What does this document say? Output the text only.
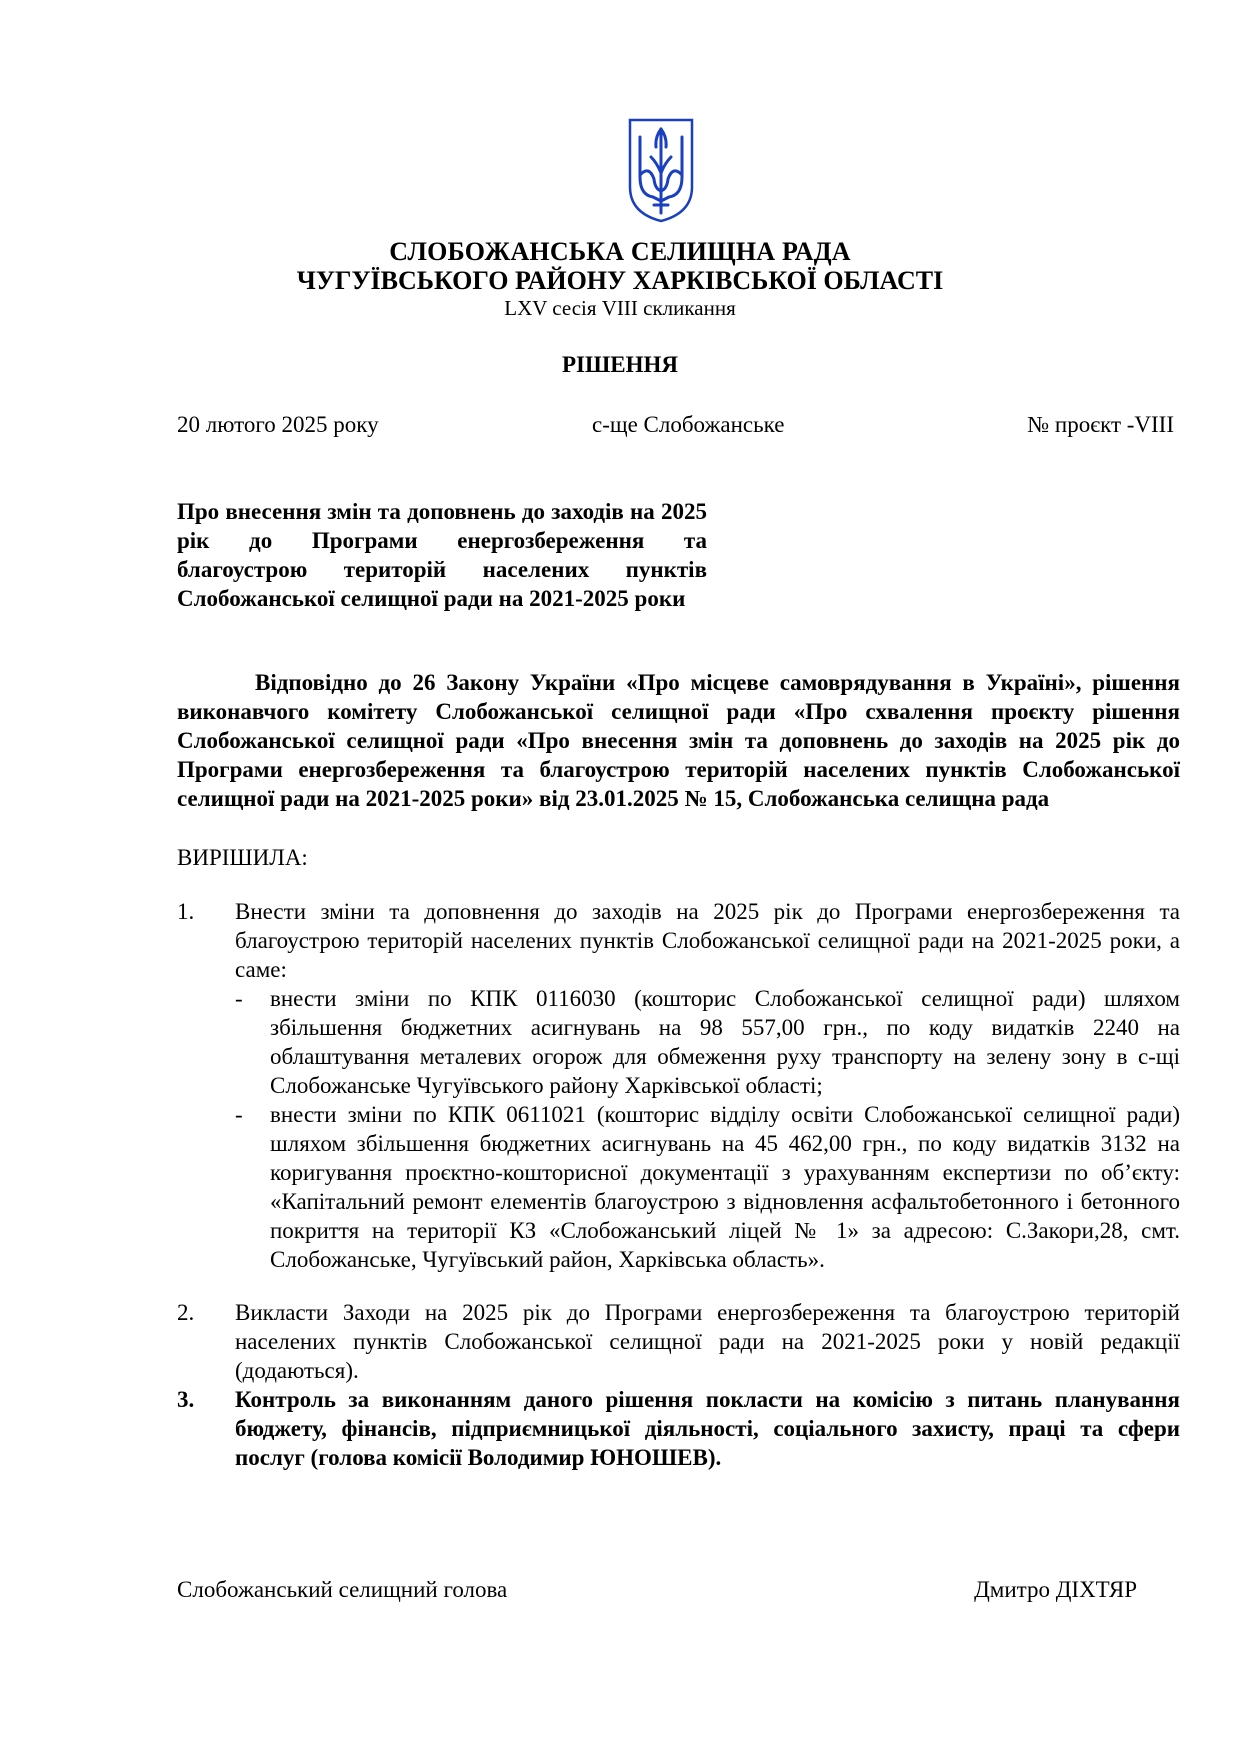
СЛОБОЖАНСЬКА СЕЛИЩНА РАДА
ЧУГУЇВСЬКОГО РАЙОНУ ХАРКІВСЬКОЇ ОБЛАСТІ
LXV сесія VIII скликання
РІШЕННЯ
20 лютого 2025 року	с-ще Слобожанське	№ проєкт -VIII
Про внесення змін та доповнень до заходів на 2025 рік до Програми енергозбереження та благоустрою територій населених пунктів Слобожанської селищної ради на 2021-2025 роки
Відповідно до 26 Закону України «Про місцеве самоврядування в Україні», рішення виконавчого комітету Слобожанської селищної ради «Про схвалення проєкту рішення Слобожанської селищної ради «Про внесення змін та доповнень до заходів на 2025 рік до Програми енергозбереження та благоустрою територій населених пунктів Слобожанської селищної ради на 2021-2025 роки» від 23.01.2025 № 15, Слобожанська селищна рада
ВИРІШИЛА:
1. Внести зміни та доповнення до заходів на 2025 рік до Програми енергозбереження та благоустрою територій населених пунктів Слобожанської селищної ради на 2021-2025 роки, а саме:
- внести зміни по КПК 0116030 (кошторис Слобожанської селищної ради) шляхом збільшення бюджетних асигнувань на 98 557,00 грн., по коду видатків 2240 на облаштування металевих огорож для обмеження руху транспорту на зелену зону в с-щі Слобожанське Чугуївського району Харківської області;
- внести зміни по КПК 0611021 (кошторис відділу освіти Слобожанської селищної ради) шляхом збільшення бюджетних асигнувань на 45 462,00 грн., по коду видатків 3132 на коригування проєктно-кошторисної документації з урахуванням експертизи по об’єкту: «Капітальний ремонт елементів благоустрою з відновлення асфальтобетонного і бетонного покриття на території КЗ «Слобожанський ліцей № 1» за адресою: С.Закори,28, смт. Слобожанське, Чугуївський район, Харківська область».
2. Викласти Заходи на 2025 рік до Програми енергозбереження та благоустрою територій населених пунктів Слобожанської селищної ради на 2021-2025 роки у новій редакції (додаються).
3. Контроль за виконанням даного рішення покласти на комісію з питань планування бюджету, фінансів, підприємницької діяльності, соціального захисту, праці та сфери послуг (голова комісії Володимир ЮНОШЕВ).
Слобожанський селищний голова	Дмитро ДІХТЯР
